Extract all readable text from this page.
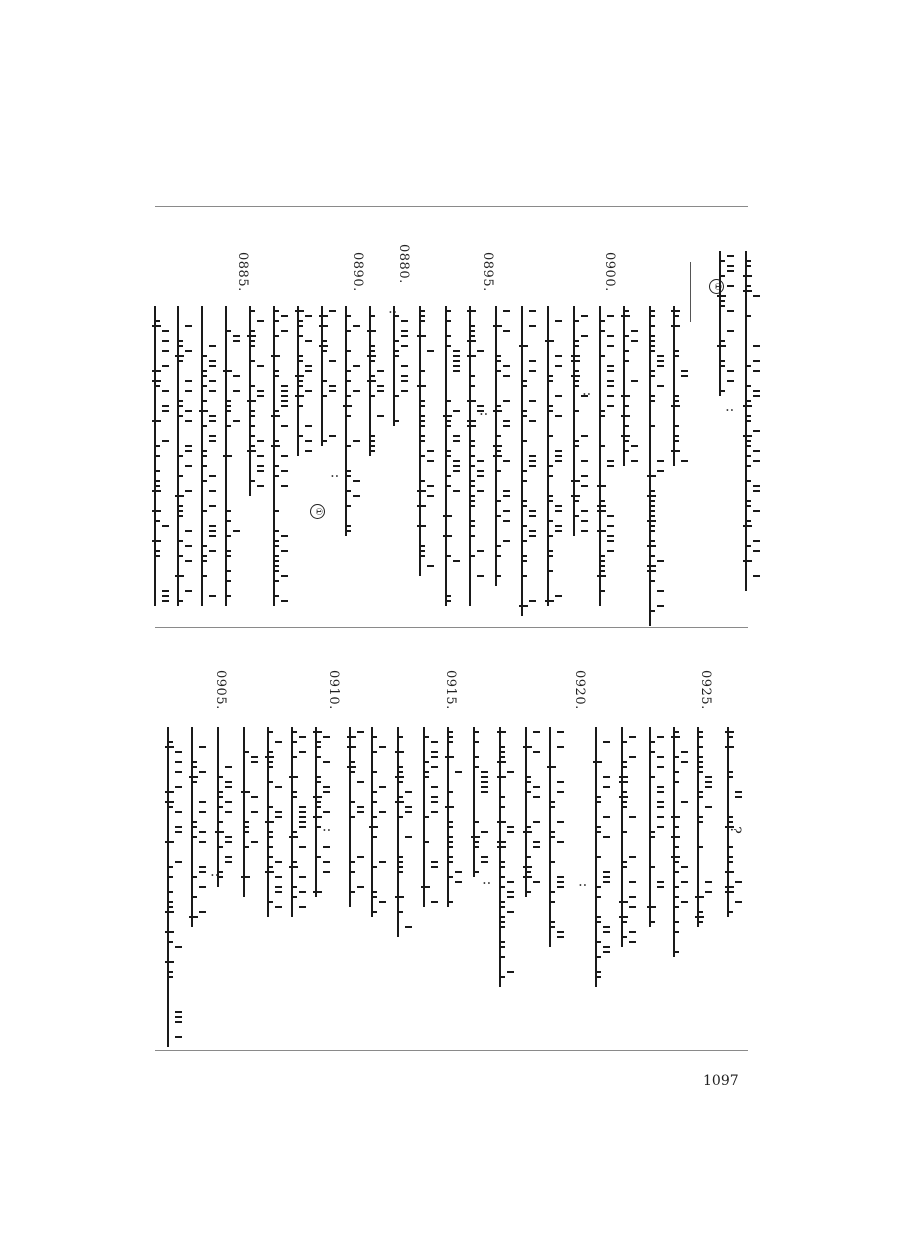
①
①
0880.
0885.	0890.	0895.	0900.
:
:
:
:
:
0905.	0910.	0915.	0920.	0925.
:
:
:
?
:
1097
